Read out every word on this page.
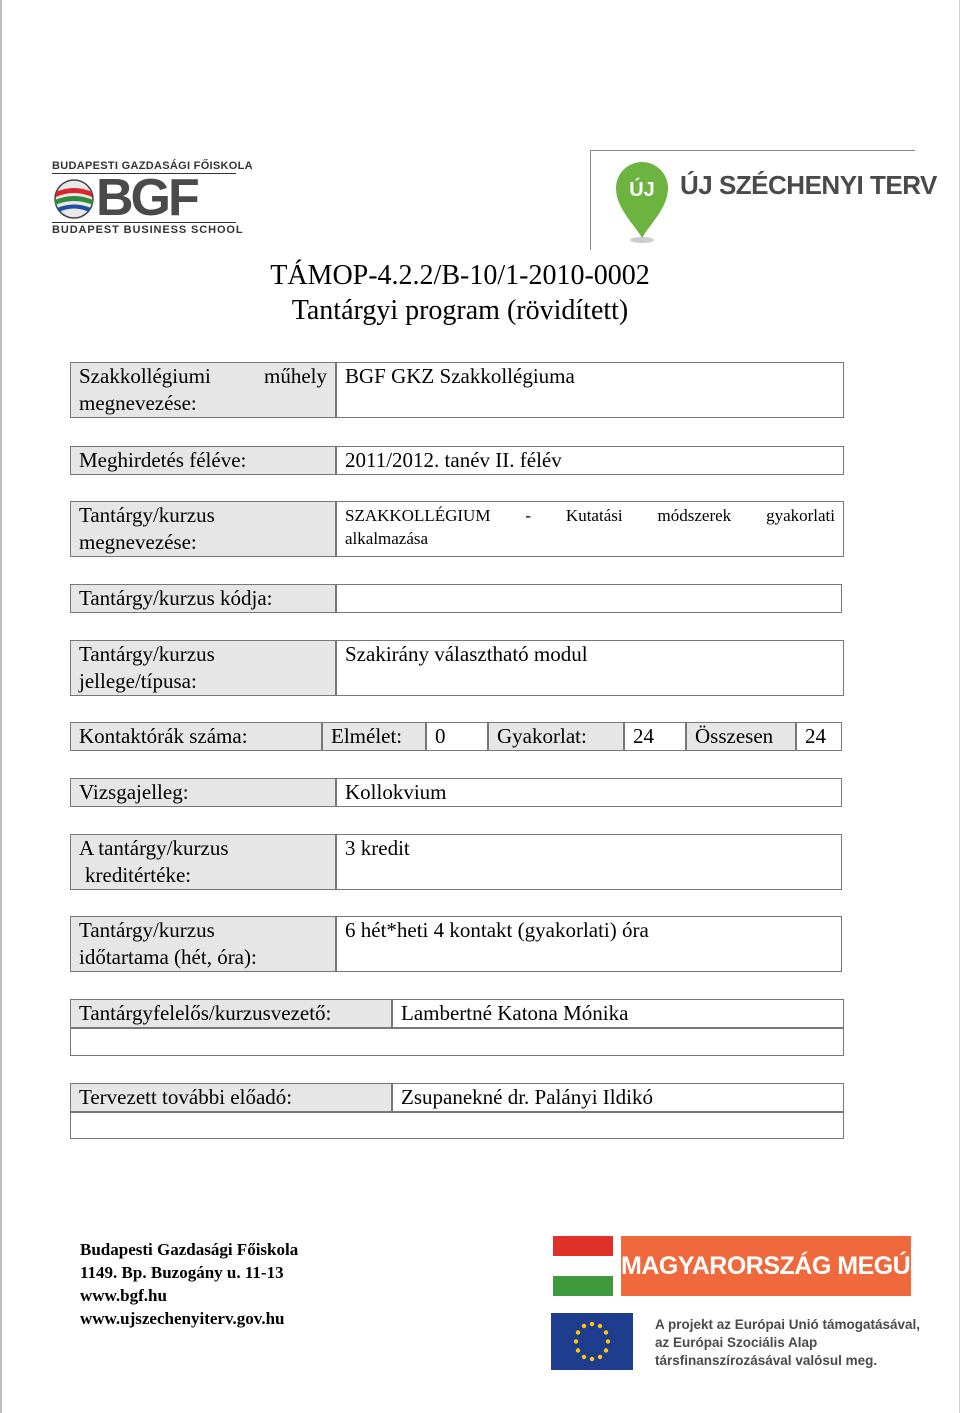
BUDAPESTI GAZDASÁGI FŐISKOLA
BGF
BUDAPEST BUSINESS SCHOOL
ÚJ ÚJ SZÉCHENYI TERV
TÁMOP-4.2.2/B-10/1-2010-0002
Tantárgyi program (rövidített)
Szakkollégiumi	műhely
megnevezése:
BGF GKZ Szakkollégiuma
Meghirdetés féléve:	2011/2012. tanév II. félév
Tantárgy/kurzus
megnevezése:
SZAKKOLLÉGIUM - Kutatási módszerek gyakorlati
alkalmazása
Tantárgy/kurzus kódja:
Tantárgy/kurzus
jellege/típusa:
Szakirány választható modul
Kontaktórák száma:	Elmélet:	0	Gyakorlat:	24	Összesen	24
Vizsgajelleg:	Kollokvium
A tantárgy/kurzus
kreditértéke:
3 kredit
Tantárgy/kurzus
időtartama (hét, óra):
6 hét*heti 4 kontakt (gyakorlati) óra
Tantárgyfelelős/kurzusvezető:	Lambertné Katona Mónika
Tervezett további előadó:	Zsupanekné dr. Palányi Ildikó
Budapesti Gazdasági Főiskola
1149. Bp. Buzogány u. 11-13
www.bgf.hu
www.ujszechenyiterv.gov.hu
MAGYARORSZÁG MEGÚJUL
A projekt az Európai Unió támogatásával,
az Európai Szociális Alap
társfinanszírozásával valósul meg.
